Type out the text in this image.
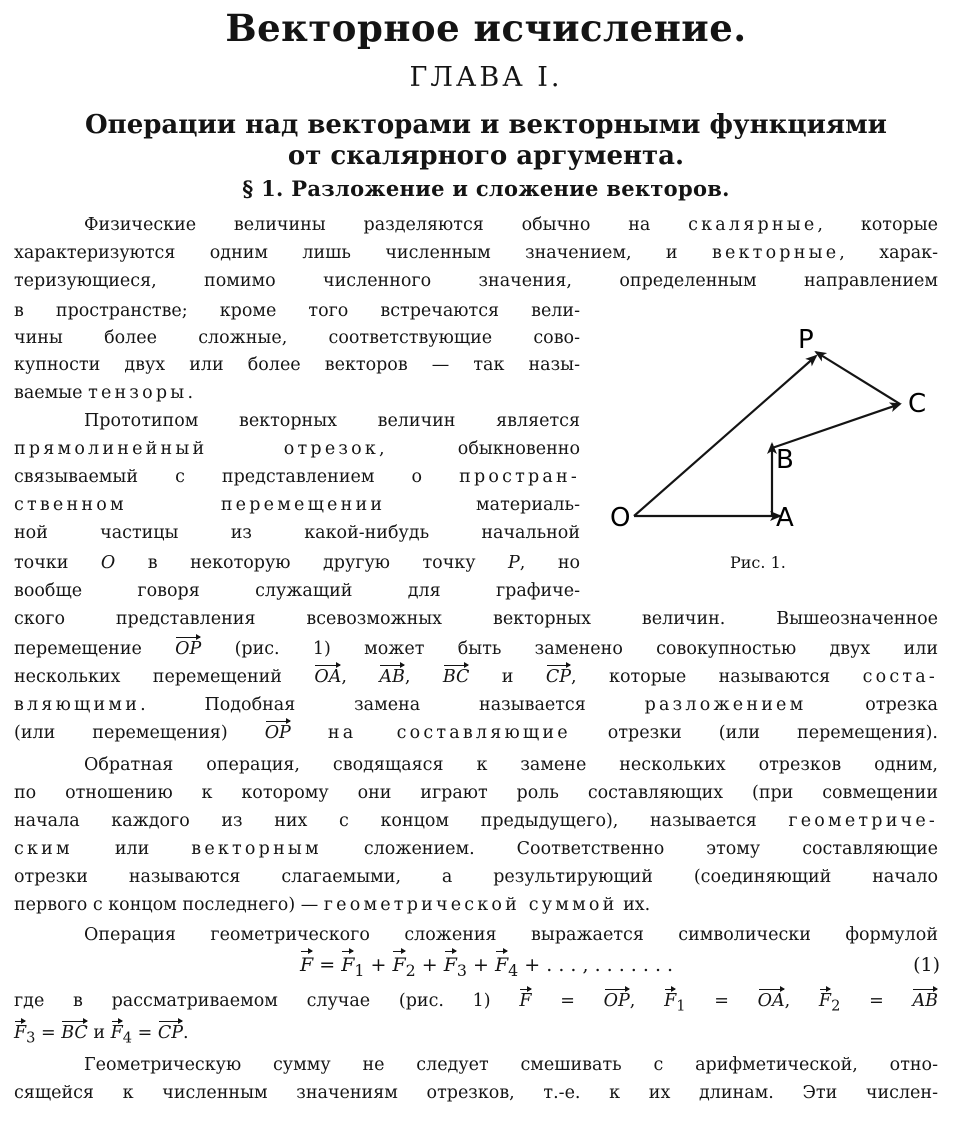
Векторное исчисление.
ГЛАВА I.
Операции над векторами и векторными функциями
от скалярного аргумента.
§ 1. Разложение и сложение векторов.
Физические величины разделяются обычно на скалярные, которые
характеризуются одним лишь численным значением, и векторные, харак-
теризующиеся, помимо численного значения, определенным направлением
в пространстве; кроме того встречаются вели-
чины более сложные, соответствующие сово-
купности двух или более векторов — так назы-
ваемые тензоры.
Прототипом векторных величин является
прямолинейный отрезок, обыкновенно
связываемый с представлением о простран-
ственном перемещении материаль-
ной частицы из какой-нибудь начальной
точки O в некоторую другую точку P, но
вообще говоря служащий для графиче-
ского представления всевозможных векторных величин. Вышеозначенное
перемещение OP (рис. 1) может быть заменено совокупностью двух или
нескольких перемещений OA, AB, BC и CP, которые называются соста-
вляющими. Подобная замена называется разложением отрезка
(или перемещения) OP на составляющие отрезки (или перемещения).
Обратная операция, сводящаяся к замене нескольких отрезков одним,
по отношению к которому они играют роль составляющих (при совмещении
начала каждого из них с концом предыдущего), называется геометриче-
ским или векторным сложением. Соответственно этому составляющие
отрезки называются слагаемыми, а результирующий (соединяющий начало
первого с концом последнего) — геометрической суммой их.
Операция геометрического сложения выражается символически формулой
$F = F_1 + F_2 + F_3 + F_4$ + . . . , . . . . . . .	(1)
где в рассматриваемом случае (рис. 1) F = OP, $F_1$ = OA, $F_2$ = AB
$F_3$ = BC и $F_4$ = CP.
Геометрическую сумму не следует смешивать с арифметической, отно-
сящейся к численным значениям отрезков, т.-е. к их длинам. Эти числен-
O	A
B
C
P
Рис. 1.
